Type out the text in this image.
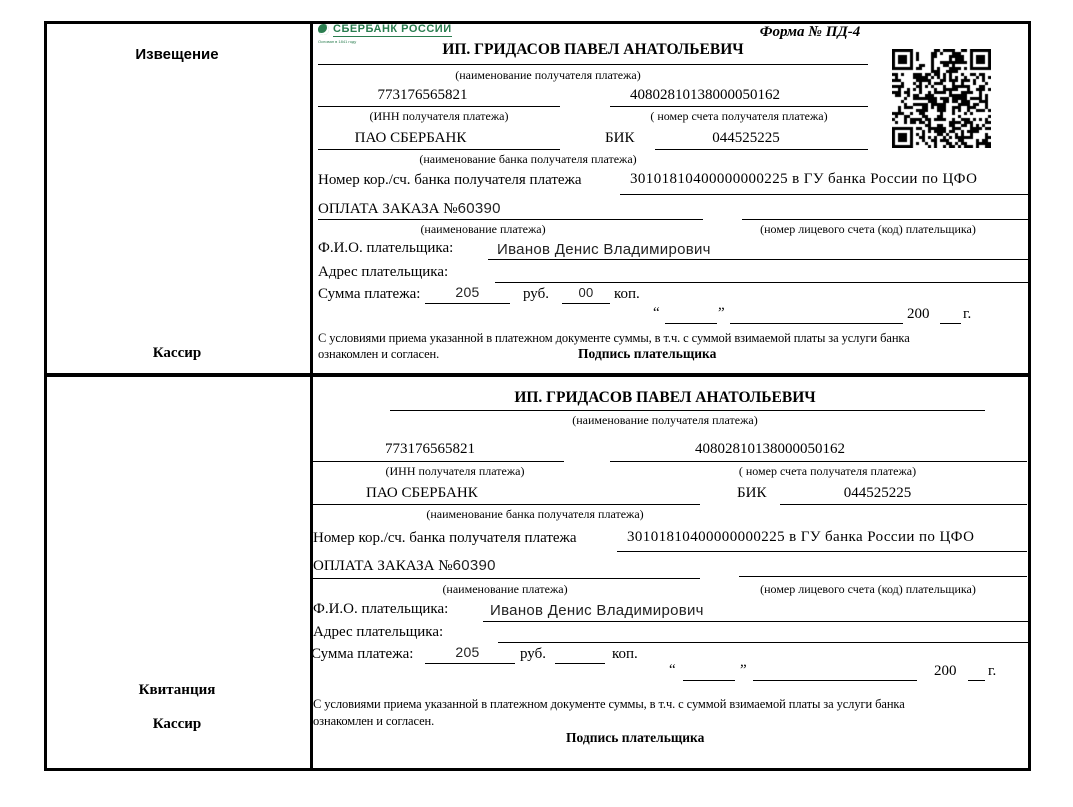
Извещение
Кассир
Квитанция
Кассир
СБЕРБАНК РОССИИ
Основан в 1841 году
Форма № ПД-4
ИП. ГРИДАСОВ ПАВЕЛ АНАТОЛЬЕВИЧ
(наименование получателя платежа)
773176565821	40802810138000050162
(ИНН получателя платежа)	( номер счета получателя платежа)
ПАО СБЕРБАНК	БИК	044525225
(наименование банка получателя платежа)
Номер кор./сч. банка получателя платежа	30101810400000000225 в ГУ банка России по ЦФО
ОПЛАТА ЗАКАЗА №60390
(наименование платежа)	(номер лицевого счета (код) плательщика)
Ф.И.О. плательщика:	Иванов Денис Владимирович
Адрес плательщика:
Сумма платежа:	205	руб.	00	коп.
“	”	200 г.
С условиями приема указанной в платежном документе суммы, в т.ч. с суммой взимаемой платы за услуги банка
ознакомлен и согласен.	Подпись плательщика
ИП. ГРИДАСОВ ПАВЕЛ АНАТОЛЬЕВИЧ
(наименование получателя платежа)
773176565821	40802810138000050162
(ИНН получателя платежа)	( номер счета получателя платежа)
ПАО СБЕРБАНК	БИК	044525225
(наименование банка получателя платежа)
Номер кор./сч. банка получателя платежа	30101810400000000225 в ГУ банка России по ЦФО
ОПЛАТА ЗАКАЗА №60390
(наименование платежа)	(номер лицевого счета (код) плательщика)
Ф.И.О. плательщика:	Иванов Денис Владимирович
Адрес плательщика:
Сумма платежа:	205	руб.	коп.
“	”	200 г.
С условиями приема указанной в платежном документе суммы, в т.ч. с суммой взимаемой платы за услуги банка
ознакомлен и согласен.
Подпись плательщика
